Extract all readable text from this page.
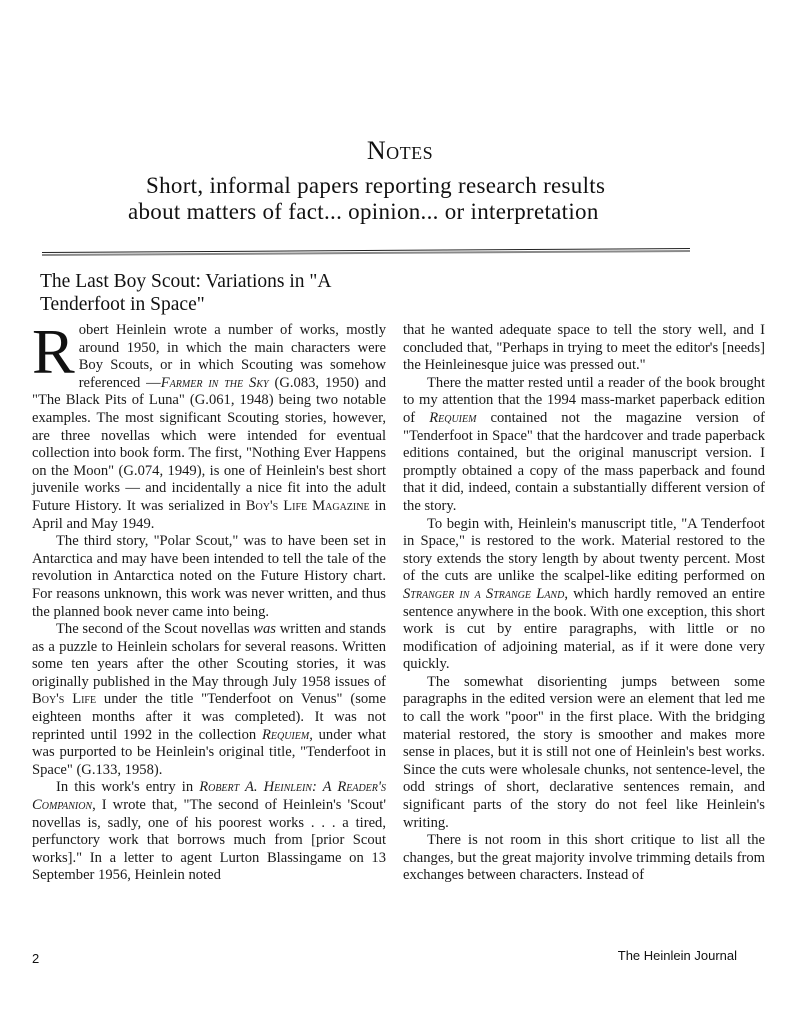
Notes
Short, informal papers reporting research results
about matters of fact... opinion... or interpretation
The Last Boy Scout: Variations in "A Tenderfoot in Space"

Robert Heinlein wrote a number of works, mostly around 1950, in which the main characters were Boy Scouts, or in which Scouting was somehow referenced —Farmer in the Sky (G.083, 1950) and "The Black Pits of Luna" (G.061, 1948) being two notable examples. The most significant Scouting stories, however, are three novellas which were intended for eventual collection into book form. The first, "Nothing Ever Happens on the Moon" (G.074, 1949), is one of Heinlein's best short juvenile works — and incidentally a nice fit into the adult Future History. It was serialized in Boy's Life Magazine in April and May 1949.

The third story, "Polar Scout," was to have been set in Antarctica and may have been intended to tell the tale of the revolution in Antarctica noted on the Future History chart. For reasons unknown, this work was never written, and thus the planned book never came into being.

The second of the Scout novellas was written and stands as a puzzle to Heinlein scholars for several reasons. Written some ten years after the other Scouting stories, it was originally published in the May through July 1958 issues of Boy's Life under the title "Tenderfoot on Venus" (some eighteen months after it was completed). It was not reprinted until 1992 in the collection Requiem, under what was purported to be Heinlein's original title, "Tenderfoot in Space" (G.133, 1958).

In this work's entry in Robert A. Heinlein: A Reader's Companion, I wrote that, "The second of Heinlein's 'Scout' novellas is, sadly, one of his poorest works . . . a tired, perfunctory work that borrows much from [prior Scout works]." In a letter to agent Lurton Blassingame on 13 September 1956, Heinlein noted

that he wanted adequate space to tell the story well, and I concluded that, "Perhaps in trying to meet the editor's [needs] the Heinleinesque juice was pressed out."

There the matter rested until a reader of the book brought to my attention that the 1994 mass-market paperback edition of Requiem contained not the magazine version of "Tenderfoot in Space" that the hardcover and trade paperback editions contained, but the original manuscript version. I promptly obtained a copy of the mass paperback and found that it did, indeed, contain a substantially different version of the story.

To begin with, Heinlein's manuscript title, "A Tenderfoot in Space," is restored to the work. Material restored to the story extends the story length by about twenty percent. Most of the cuts are unlike the scalpel-like editing performed on Stranger in a Strange Land, which hardly removed an entire sentence anywhere in the book. With one exception, this short work is cut by entire paragraphs, with little or no modification of adjoining material, as if it were done very quickly.

The somewhat disorienting jumps between some paragraphs in the edited version were an element that led me to call the work "poor" in the first place. With the bridging material restored, the story is smoother and makes more sense in places, but it is still not one of Heinlein's best works. Since the cuts were wholesale chunks, not sentence-level, the odd strings of short, declarative sentences remain, and significant parts of the story do not feel like Heinlein's writing.

There is not room in this short critique to list all the changes, but the great majority involve trimming details from exchanges between characters. Instead of

2	The Heinlein Journal
